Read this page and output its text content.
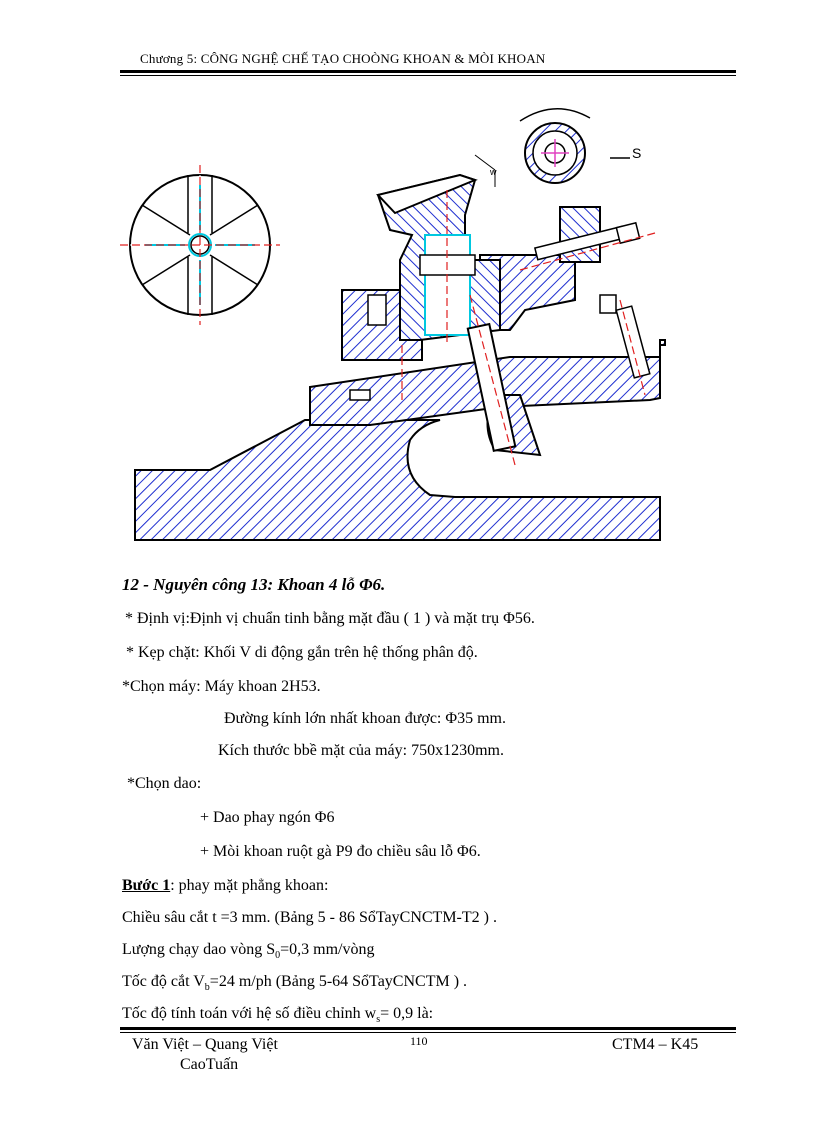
Chương 5: CÔNG NGHỆ CHẾ TẠO CHOÒNG KHOAN & MÒI KHOAN
S
w
12 - Nguyên công 13: Khoan 4 lỗ Φ6.
* Định vị:Định vị chuẩn tinh bằng mặt đầu ( 1 ) và mặt trụ Φ56.
* Kẹp chặt: Khối V di động gắn trên hệ thống phân độ.
*Chọn máy: Máy khoan 2H53.
Đường kính lớn nhất khoan được: Φ35 mm.
Kích thước bbề mặt của máy: 750x1230mm.
*Chọn dao:
+ Dao phay ngón Φ6
+ Mòi khoan ruột gà P9 đo chiều sâu lỗ Φ6.
Bước 1: phay mặt phẳng khoan:
Chiều sâu cắt t =3 mm. (Bảng 5 - 86 SổTayCNCTM-T2 ) .
Lượng chạy dao vòng $S_0=0,3$ mm/vòng
Tốc độ cắt $V_b=24$ m/ph (Bảng 5-64 SổTayCNCTM ) .
Tốc độ tính toán với hệ số điều chỉnh $w_s= 0,9$ là:
Văn Việt – Quang Việt
CaoTuấn
110	CTM4 – K45
